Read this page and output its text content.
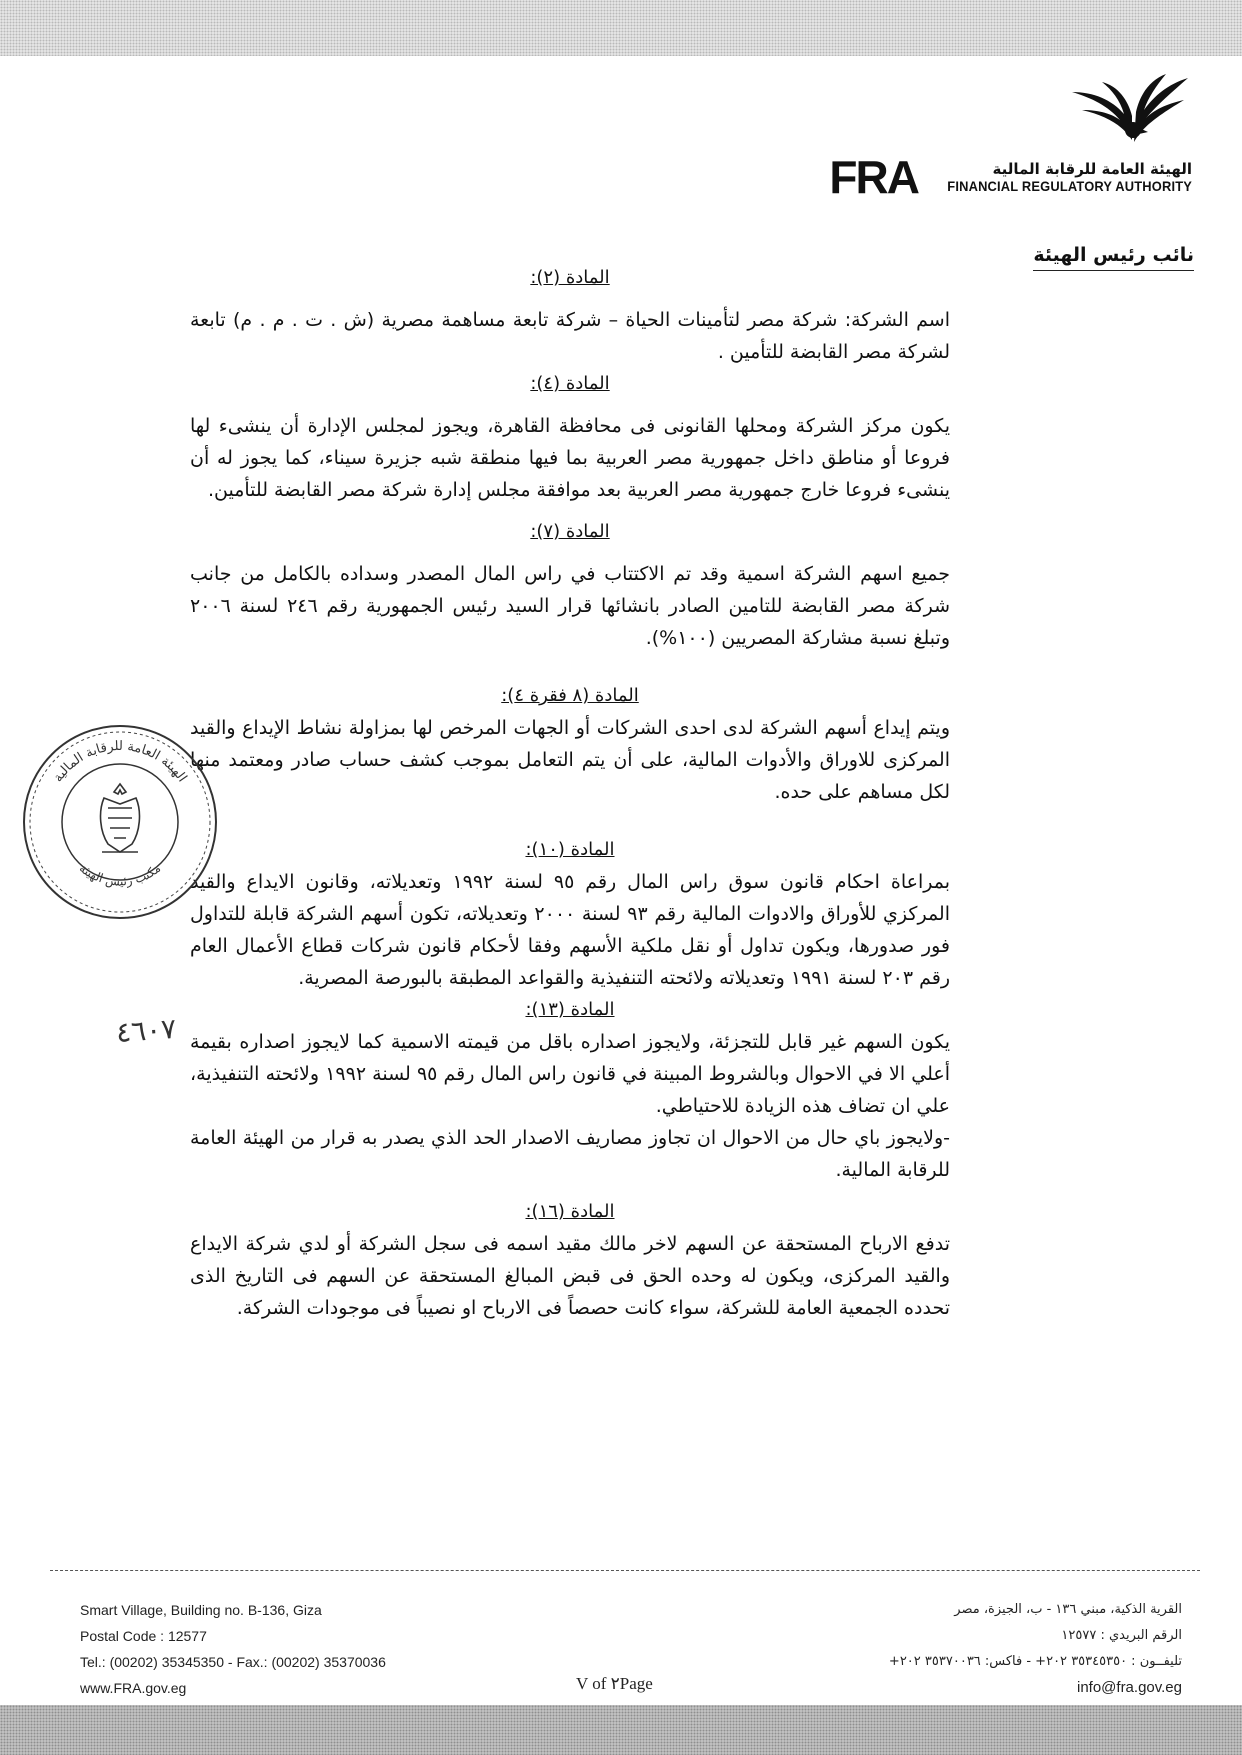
FRA	الهيئة العامة للرقابة المالية
FINANCIAL REGULATORY AUTHORITY
نائب رئيس الهيئة

المادة (٢):

اسم الشركة: شركة مصر لتأمينات الحياة – شركة تابعة مساهمة مصرية (ش . ت . م . م) تابعة لشركة مصر القابضة للتأمين .

المادة (٤):

يكون مركز الشركة ومحلها القانونى فى محافظة القاهرة، ويجوز لمجلس الإدارة أن ينشىء لها فروعا أو مناطق داخل جمهورية مصر العربية بما فيها منطقة شبه جزيرة سيناء، كما يجوز له أن ينشىء فروعا خارج جمهورية مصر العربية بعد موافقة مجلس إدارة شركة مصر القابضة للتأمين.

المادة (٧):

جميع اسهم الشركة اسمية وقد تم الاكتتاب في راس المال المصدر وسداده بالكامل من جانب شركة مصر القابضة للتامين الصادر بانشائها قرار السيد رئيس الجمهورية رقم ٢٤٦ لسنة ٢٠٠٦ وتبلغ نسبة مشاركة المصريين (١٠٠%).

المادة (٨ فقرة ٤):

ويتم إيداع أسهم الشركة لدى احدى الشركات أو الجهات المرخص لها بمزاولة نشاط الإيداع والقيد المركزى للاوراق والأدوات المالية، على أن يتم التعامل بموجب كشف حساب صادر ومعتمد منها لكل مساهم على حده.

المادة (١٠):

بمراعاة احكام قانون سوق راس المال رقم ٩٥ لسنة ١٩٩٢ وتعديلاته، وقانون الايداع والقيد المركزي للأوراق والادوات المالية رقم ٩٣ لسنة ٢٠٠٠ وتعديلاته، تكون أسهم الشركة قابلة للتداول فور صدورها، ويكون تداول أو نقل ملكية الأسهم وفقا لأحكام قانون شركات قطاع الأعمال العام رقم ٢٠٣ لسنة ١٩٩١ وتعديلاته ولائحته التنفيذية والقواعد المطبقة بالبورصة المصرية.

المادة (١٣):

يكون السهم غير قابل للتجزئة، ولايجوز اصداره باقل من قيمته الاسمية كما لايجوز اصداره بقيمة أعلي الا في الاحوال وبالشروط المبينة في قانون راس المال رقم ٩٥ لسنة ١٩٩٢ ولائحته التنفيذية، علي ان تضاف هذه الزيادة للاحتياطي.

-ولايجوز باي حال من الاحوال ان تجاوز مصاريف الاصدار الحد الذي يصدر به قرار من الهيئة العامة للرقابة المالية.

المادة (١٦):

تدفع الارباح المستحقة عن السهم لاخر مالك مقيد اسمه فى سجل الشركة أو لدي شركة الايداع والقيد المركزى، ويكون له وحده الحق فى قبض المبالغ المستحقة عن السهم فى التاريخ الذى تحدده الجمعية العامة للشركة، سواء كانت حصصاً فى الارباح او نصيباً فى موجودات الشركة.

الهيئة العامة للرقابة المالية
مكتب رئيس الهيئة
٤٦٠٧
Smart Village, Building no. B-136, Giza
Postal Code : 12577
Tel.: (00202) 35345350 - Fax.: (00202) 35370036
www.FRA.gov.eg
القرية الذكية، مبني ١٣٦ - ب، الجيزة، مصر
الرقم البريدي : ١٢٥٧٧
تليفــون : ٣٥٣٤٥٣٥٠ ٢٠٢+ - فاكس: ٣٥٣٧٠٠٣٦ ٢٠٢+
info@fra.gov.eg
V of ٢Page
